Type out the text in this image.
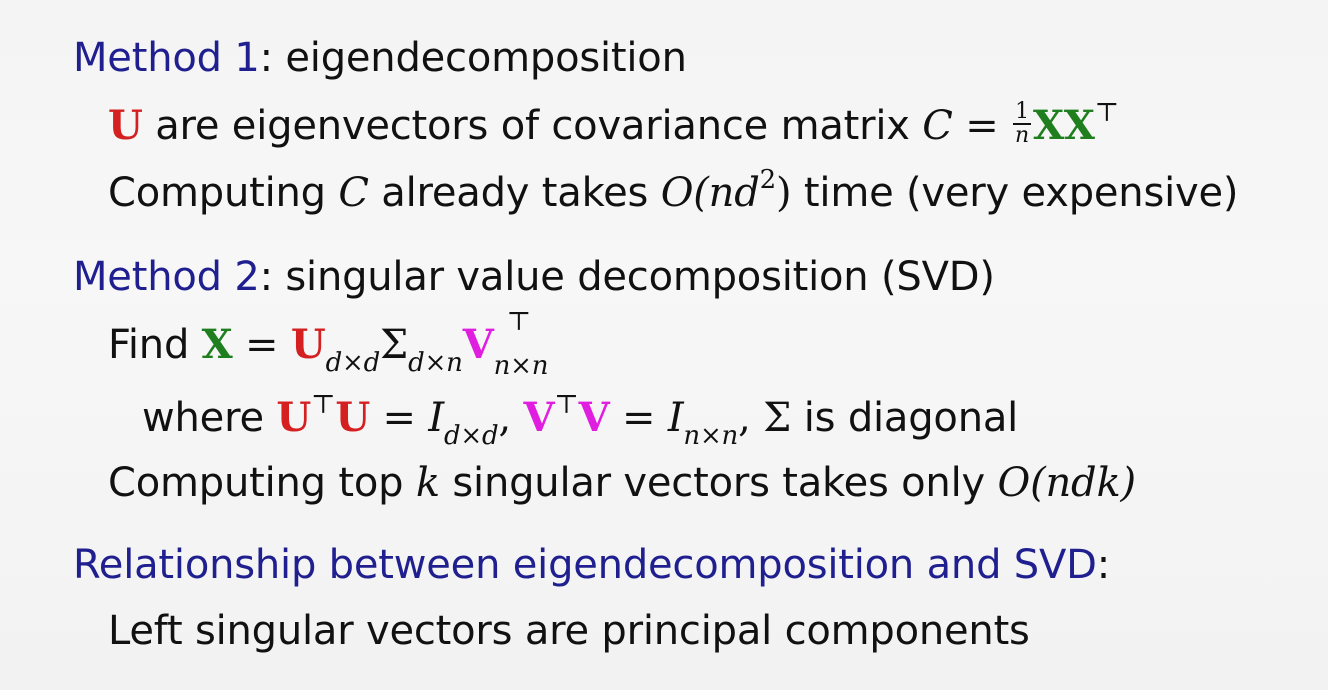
Method 1: eigendecomposition
U are eigenvectors of covariance matrix $C = \frac{1}{n} XX^⊤$
Computing C already takes $O(nd^2)$ time (very expensive)
Method 2: singular value decomposition (SVD)
Find $X = U_{d\times d}\Sigma_{d\times n}V$ ⊤
$_{n\times n}$
where $U^⊤U = I_{d\times d}$, $V^⊤V = I_{n\times n}$, Σ is diagonal
Computing top k singular vectors takes only O(ndk)
Relationship between eigendecomposition and SVD:
Left singular vectors are principal components
